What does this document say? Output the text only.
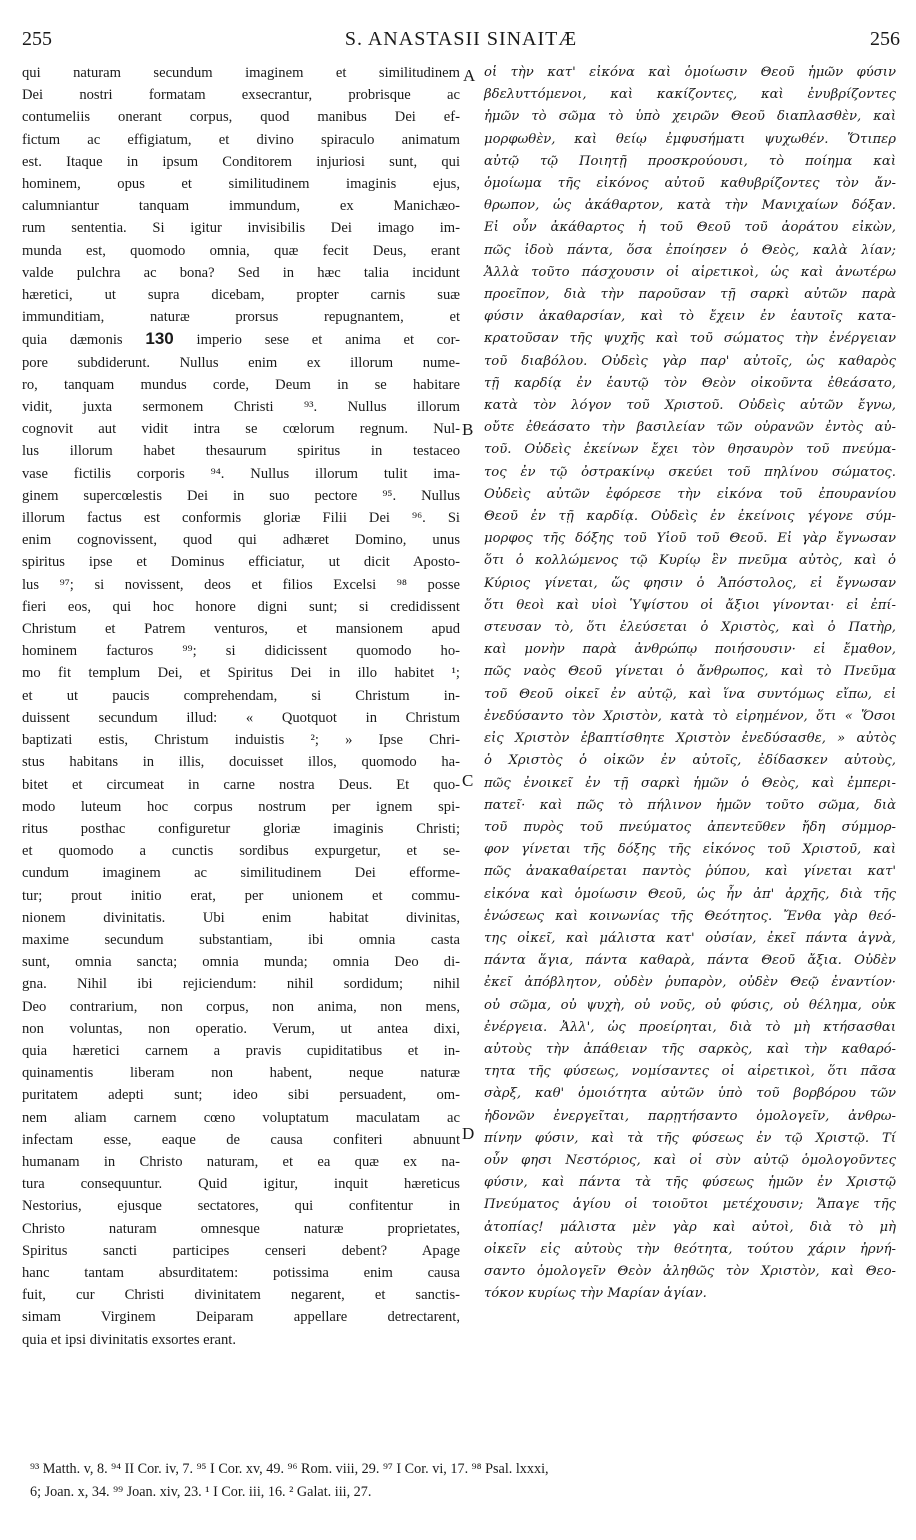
255	S. ANASTASII SINAITÆ	256
qui naturam secundum imaginem et similitudinem
Dei nostri formatam exsecrantur, probrisque ac
contumeliis onerant corpus, quod manibus Dei ef-
fictum ac effigiatum, et divino spiraculo animatum
est. Itaque in ipsum Conditorem injuriosi sunt, qui
hominem, opus et similitudinem imaginis ejus,
calumniantur tanquam immundum, ex Manichæo-
rum sententia. Si igitur invisibilis Dei imago im-
munda est, quomodo omnia, quæ fecit Deus, erant
valde pulchra ac bona? Sed in hæc talia incidunt
hæretici, ut supra dicebam, propter carnis suæ
immunditiam, naturæ prorsus repugnantem, et
quia dæmonis 130 imperio sese et anima et cor-
pore subdiderunt. Nullus enim ex illorum nume-
ro, tanquam mundus corde, Deum in se habitare
vidit, juxta sermonem Christi ⁹³. Nullus illorum
cognovit aut vidit intra se cœlorum regnum. Nul-
lus illorum habet thesaurum spiritus in testaceo
vase fictilis corporis ⁹⁴. Nullus illorum tulit ima-
ginem supercœlestis Dei in suo pectore ⁹⁵. Nullus
illorum factus est conformis gloriæ Filii Dei ⁹⁶. Si
enim cognovissent, quod qui adhæret Domino, unus
spiritus ipse et Dominus efficiatur, ut dicit Aposto-
lus ⁹⁷; si novissent, deos et filios Excelsi ⁹⁸ posse
fieri eos, qui hoc honore digni sunt; si credidissent
Christum et Patrem venturos, et mansionem apud
hominem facturos ⁹⁹; si didicissent quomodo ho-
mo fit templum Dei, et Spiritus Dei in illo habitet ¹;
et ut paucis comprehendam, si Christum in-
duissent secundum illud: « Quotquot in Christum
baptizati estis, Christum induistis ²; » Ipse Chri-
stus habitans in illis, docuisset illos, quomodo ha-
bitet et circumeat in carne nostra Deus. Et quo-
modo luteum hoc corpus nostrum per ignem spi-
ritus posthac configuretur gloriæ imaginis Christi;
et quomodo a cunctis sordibus expurgetur, et se-
cundum imaginem ac similitudinem Dei efforme-
tur; prout initio erat, per unionem et commu-
nionem divinitatis. Ubi enim habitat divinitas,
maxime secundum substantiam, ibi omnia casta
sunt, omnia sancta; omnia munda; omnia Deo di-
gna. Nihil ibi rejiciendum: nihil sordidum; nihil
Deo contrarium, non corpus, non anima, non mens,
non voluntas, non operatio. Verum, ut antea dixi,
quia hæretici carnem a pravis cupiditatibus et in-
quinamentis liberam non habent, neque naturæ
puritatem adepti sunt; ideo sibi persuadent, om-
nem aliam carnem cœno voluptatum maculatam ac
infectam esse, eaque de causa confiteri abnuunt
humanam in Christo naturam, et ea quæ ex na-
tura consequuntur. Quid igitur, inquit hæreticus
Nestorius, ejusque sectatores, qui confitentur in
Christo naturam omnesque naturæ proprietates,
Spiritus sancti participes censeri debent? Apage
hanc tantam absurditatem: potissima enim causa
fuit, cur Christi divinitatem negarent, et sanctis-
simam Virginem Deiparam appellare detrectarent,
quia et ipsi divinitatis exsortes erant.
οἱ τὴν κατ' εἰκόνα καὶ ὁμοίωσιν Θεοῦ ἡμῶν φύσιν
βδελυττόμενοι, καὶ κακίζοντες, καὶ ἐνυβρίζοντες
ἡμῶν τὸ σῶμα τὸ ὑπὸ χειρῶν Θεοῦ διαπλασθὲν, καὶ
μορφωθὲν, καὶ θείῳ ἐμφυσήματι ψυχωθέν. Ὅτιπερ
αὐτῷ τῷ Ποιητῇ προσκρούουσι, τὸ ποίημα καὶ
ὁμοίωμα τῆς εἰκόνος αὐτοῦ καθυβρίζοντες τὸν ἄν-
θρωπον, ὡς ἀκάθαρτον, κατὰ τὴν Μανιχαίων δόξαν.
Εἰ οὖν ἀκάθαρτος ἡ τοῦ Θεοῦ τοῦ ἀοράτου εἰκὼν,
πῶς ἰδοὺ πάντα, ὅσα ἐποίησεν ὁ Θεὸς, καλὰ λίαν;
Ἀλλὰ τοῦτο πάσχουσιν οἱ αἱρετικοὶ, ὡς καὶ ἀνωτέρω
προεῖπον, διὰ τὴν παροῦσαν τῇ σαρκὶ αὐτῶν παρὰ
φύσιν ἀκαθαρσίαν, καὶ τὸ ἔχειν ἐν ἑαυτοῖς κατα-
κρατοῦσαν τῆς ψυχῆς καὶ τοῦ σώματος τὴν ἐνέργειαν
τοῦ διαβόλου. Οὐδεὶς γὰρ παρ' αὐτοῖς, ὡς καθαρὸς
τῇ καρδίᾳ ἐν ἑαυτῷ τὸν Θεὸν οἰκοῦντα ἐθεάσατο,
κατὰ τὸν λόγον τοῦ Χριστοῦ. Οὐδεὶς αὐτῶν ἔγνω,
οὔτε ἐθεάσατο τὴν βασιλείαν τῶν οὐρανῶν ἐντὸς αὐ-
τοῦ. Οὐδεὶς ἐκείνων ἔχει τὸν θησαυρὸν τοῦ πνεύμα-
τος ἐν τῷ ὀστρακίνῳ σκεύει τοῦ πηλίνου σώματος.
Οὐδεὶς αὐτῶν ἐφόρεσε τὴν εἰκόνα τοῦ ἐπουρανίου
Θεοῦ ἐν τῇ καρδίᾳ. Οὐδεὶς ἐν ἐκείνοις γέγονε σύμ-
μορφος τῆς δόξης τοῦ Υἱοῦ τοῦ Θεοῦ. Εἰ γὰρ ἔγνωσαν
ὅτι ὁ κολλώμενος τῷ Κυρίῳ ἓν πνεῦμα αὐτὸς, καὶ ὁ
Κύριος γίνεται, ὥς φησιν ὁ Ἀπόστολος, εἰ ἔγνωσαν
ὅτι θεοὶ καὶ υἱοὶ Ὑψίστου οἱ ἄξιοι γίνονται· εἰ ἐπί-
στευσαν τὸ, ὅτι ἐλεύσεται ὁ Χριστὸς, καὶ ὁ Πατὴρ,
καὶ μονὴν παρὰ ἀνθρώπῳ ποιήσουσιν· εἰ ἔμαθον,
πῶς ναὸς Θεοῦ γίνεται ὁ ἄνθρωπος, καὶ τὸ Πνεῦμα
τοῦ Θεοῦ οἰκεῖ ἐν αὐτῷ, καὶ ἵνα συντόμως εἴπω, εἰ
ἐνεδύσαντο τὸν Χριστὸν, κατὰ τὸ εἰρημένον, ὅτι « Ὅσοι
εἰς Χριστὸν ἐβαπτίσθητε Χριστὸν ἐνεδύσασθε, » αὐτὸς
ὁ Χριστὸς ὁ οἰκῶν ἐν αὐτοῖς, ἐδίδασκεν αὐτοὺς,
πῶς ἐνοικεῖ ἐν τῇ σαρκὶ ἡμῶν ὁ Θεὸς, καὶ ἐμπερι-
πατεῖ· καὶ πῶς τὸ πήλινον ἡμῶν τοῦτο σῶμα, διὰ
τοῦ πυρὸς τοῦ πνεύματος ἀπεντεῦθεν ἤδη σύμμορ-
φον γίνεται τῆς δόξης τῆς εἰκόνος τοῦ Χριστοῦ, καὶ
πῶς ἀνακαθαίρεται παντὸς ῥύπου, καὶ γίνεται κατ'
εἰκόνα καὶ ὁμοίωσιν Θεοῦ, ὡς ἦν ἀπ' ἀρχῆς, διὰ τῆς
ἑνώσεως καὶ κοινωνίας τῆς Θεότητος. Ἔνθα γὰρ θεό-
της οἰκεῖ, καὶ μάλιστα κατ' οὐσίαν, ἐκεῖ πάντα ἁγνὰ,
πάντα ἅγια, πάντα καθαρὰ, πάντα Θεοῦ ἄξια. Οὐδὲν
ἐκεῖ ἀπόβλητον, οὐδὲν ῥυπαρὸν, οὐδὲν Θεῷ ἐναντίον·
οὐ σῶμα, οὐ ψυχὴ, οὐ νοῦς, οὐ φύσις, οὐ θέλημα, οὐκ
ἐνέργεια. Ἀλλ', ὡς προείρηται, διὰ τὸ μὴ κτήσασθαι
αὐτοὺς τὴν ἀπάθειαν τῆς σαρκὸς, καὶ τὴν καθαρό-
τητα τῆς φύσεως, νομίσαντες οἱ αἱρετικοὶ, ὅτι πᾶσα
σὰρξ, καθ' ὁμοιότητα αὐτῶν ὑπὸ τοῦ βορβόρου τῶν
ἡδονῶν ἐνεργεῖται, παρῃτήσαντο ὁμολογεῖν, ἀνθρω-
πίνην φύσιν, καὶ τὰ τῆς φύσεως ἐν τῷ Χριστῷ. Τί
οὖν φησι Νεστόριος, καὶ οἱ σὺν αὐτῷ ὁμολογοῦντες
φύσιν, καὶ πάντα τὰ τῆς φύσεως ἡμῶν ἐν Χριστῷ
Πνεύματος ἁγίου οἱ τοιοῦτοι μετέχουσιν; Ἄπαγε τῆς
ἀτοπίας! μάλιστα μὲν γὰρ καὶ αὐτοὶ, διὰ τὸ μὴ
οἰκεῖν εἰς αὐτοὺς τὴν θεότητα, τούτου χάριν ἠρνή-
σαντο ὁμολογεῖν Θεὸν ἀληθῶς τὸν Χριστὸν, καὶ Θεο-
τόκον κυρίως τὴν Μαρίαν ἁγίαν.
A
B
C
D
⁹³ Matth. v, 8. ⁹⁴ II Cor. iv, 7. ⁹⁵ I Cor. xv, 49. ⁹⁶ Rom. viii, 29. ⁹⁷ I Cor. vi, 17. ⁹⁸ Psal. lxxxi,
6; Joan. x, 34. ⁹⁹ Joan. xiv, 23. ¹ I Cor. iii, 16. ² Galat. iii, 27.
